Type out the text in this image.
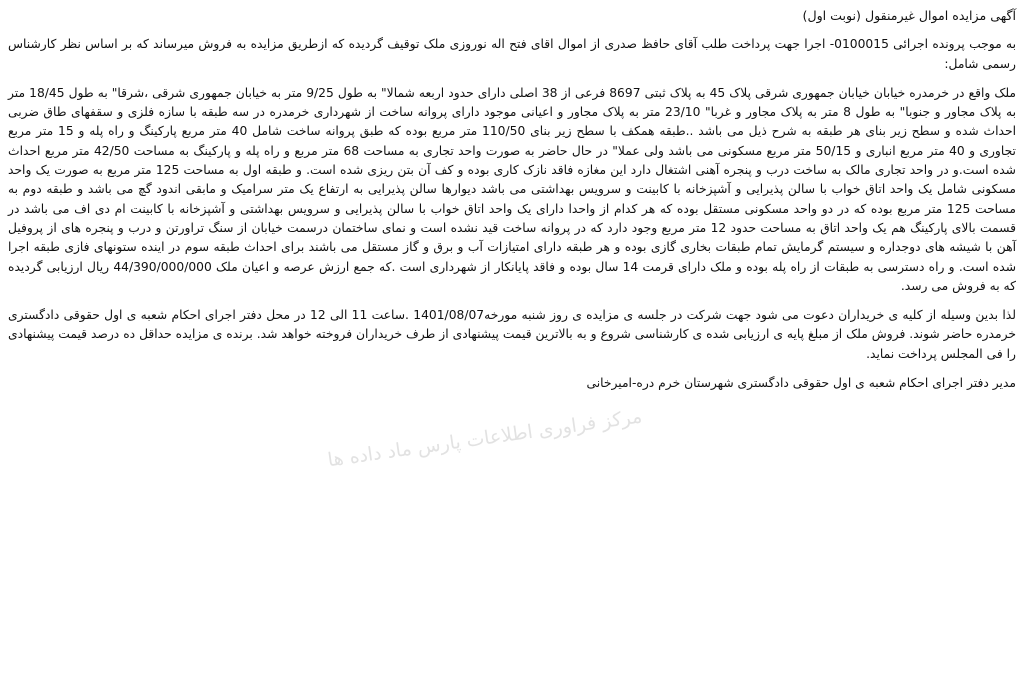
آگهی مزایده اموال غیرمنقول (نوبت اول)

به موجب پرونده اجرائی 0100015- اجرا جهت پرداخت طلب آقای حافظ صدری از اموال اقای فتح اله نوروزی ملک توقیف گردیده که ازطریق مزایده به فروش میرساند که بر اساس نظر کارشناس رسمی شامل:

ملک واقع در خرمدره خیابان خیابان جمهوری شرقی پلاک 45 به پلاک ثبتی 8697 فرعی از 38 اصلی دارای حدود اربعه شمالا" به طول 9/25 متر به خیابان جمهوری شرقی ،شرقا" به طول 18/45 متر به پلاک مجاور و جنوبا" به طول 8 متر به پلاک مجاور و غربا" 23/10 متر به پلاک مجاور و اعیانی موجود دارای پروانه ساخت از شهرداری خرمدره در سه طبقه با سازه فلزی و سقفهای طاق ضربی احداث شده و سطح زیر بنای هر طبقه به شرح ذیل می باشد ..طبقه همکف با سطح زیر بنای 110/50 متر مربع بوده که طبق پروانه ساخت شامل 40 متر مربع پارکینگ و راه پله و 15 متر مربع تجاوری و 40 متر مربع انباری و 50/15 متر مربع مسکونی می باشد ولی عملا" در حال حاضر به صورت واحد تجاری به مساحت 68 متر مربع و راه پله و پارکینگ به مساحت 42/50 متر مربع احداث شده است.و در واحد تجاری مالک به ساخت درب و پنجره آهنی اشتغال دارد این مغازه فاقد نازک کاری بوده و کف آن بتن ریزی شده است. و طبقه اول به مساحت 125 متر مربع به صورت یک واحد مسکونی شامل یک واحد اتاق خواب با سالن پذیرایی و آشپزخانه با کابینت و سرویس بهداشتی می باشد دیوارها سالن پذیرایی به ارتفاع یک متر سرامیک و مابقی اندود گچ می باشد و طبقه دوم به مساحت 125 متر مربع بوده که در دو واحد مسکونی مستقل بوده که هر کدام از واحدا دارای یک واحد اتاق خواب با سالن پذیرایی و سرویس بهداشتی و آشپزخانه با کابینت ام دی اف می باشد در قسمت بالای پارکینگ هم یک واحد اتاق به مساحت حدود 12 متر مربع وجود دارد که در پروانه ساخت قید نشده است و نمای ساختمان درسمت خیابان از سنگ تراورتن و درب و پنجره های از پروفیل آهن با شیشه های دوجداره و سیستم گرمایش تمام طبقات بخاری گازی بوده و هر طبقه دارای امتیازات آب و برق و گاز مستقل می باشند برای احداث طبقه سوم در اینده ستونهای فازی طبقه اجرا شده است. و راه دسترسی به طبقات از راه پله بوده و ملک دارای قرمت 14 سال بوده و فاقد پایانکار از شهرداری است .که جمع ارزش عرصه و اعیان ملک 44/390/000/000 ریال ارزیابی گردیده که به فروش می رسد.

لذا بدین وسیله از کلیه ی خریداران دعوت می شود جهت شرکت در جلسه ی مزایده ی روز شنبه مورخه1401/08/07 .ساعت 11 الی 12 در محل دفتر اجرای احکام شعبه ی اول حقوقی دادگستری خرمدره حاضر شوند. فروش ملک از مبلغ پایه ی ارزیابی شده ی کارشناسی شروع و به بالاترین قیمت پیشنهادی از طرف خریداران فروخته خواهد شد. برنده ی مزایده حداقل ده درصد قیمت پیشنهادی را فی المجلس پرداخت نماید.

مدیر دفتر اجرای احکام شعبه ی اول حقوقی دادگستری شهرستان خرم دره-امیرخانی

مرکز فراوری اطلاعات پارس ماد داده ها
